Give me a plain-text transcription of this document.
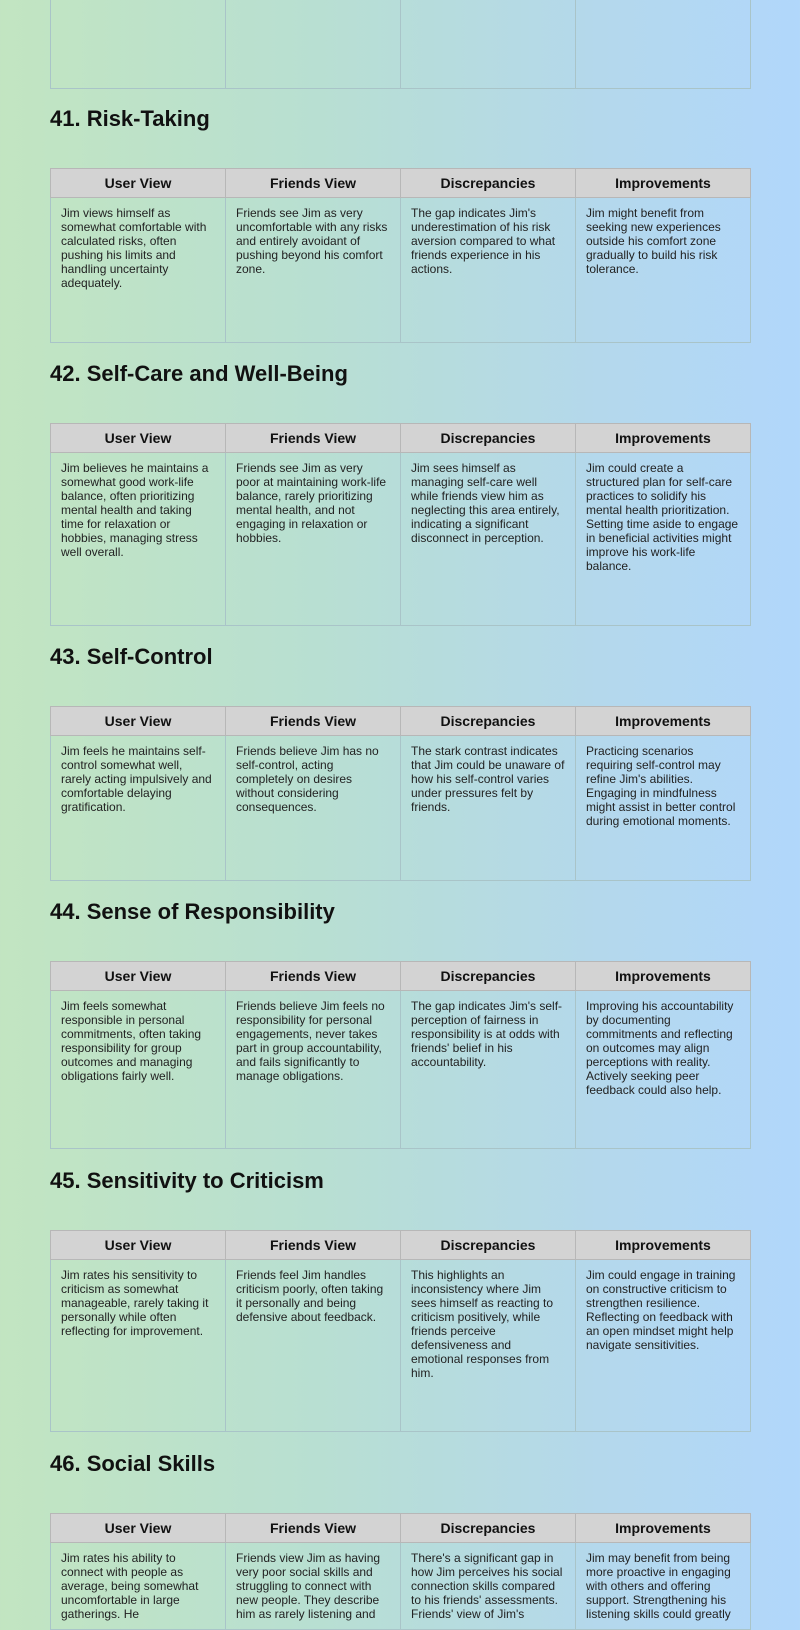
41. Risk-Taking
User View	Friends View	Discrepancies	Improvements
Jim views himself as somewhat comfortable with calculated risks, often pushing his limits and handling uncertainty adequately.	Friends see Jim as very uncomfortable with any risks and entirely avoidant of pushing beyond his comfort zone.	The gap indicates Jim's underestimation of his risk aversion compared to what friends experience in his actions.	Jim might benefit from seeking new experiences outside his comfort zone gradually to build his risk tolerance.
42. Self-Care and Well-Being
User View	Friends View	Discrepancies	Improvements
Jim believes he maintains a somewhat good work-life balance, often prioritizing mental health and taking time for relaxation or hobbies, managing stress well overall.	Friends see Jim as very poor at maintaining work-life balance, rarely prioritizing mental health, and not engaging in relaxation or hobbies.	Jim sees himself as managing self-care well while friends view him as neglecting this area entirely, indicating a significant disconnect in perception.	Jim could create a structured plan for self-care practices to solidify his mental health prioritization. Setting time aside to engage in beneficial activities might improve his work-life balance.
43. Self-Control
User View	Friends View	Discrepancies	Improvements
Jim feels he maintains self-control somewhat well, rarely acting impulsively and comfortable delaying gratification.	Friends believe Jim has no self-control, acting completely on desires without considering consequences.	The stark contrast indicates that Jim could be unaware of how his self-control varies under pressures felt by friends.	Practicing scenarios requiring self-control may refine Jim's abilities. Engaging in mindfulness might assist in better control during emotional moments.
44. Sense of Responsibility
User View	Friends View	Discrepancies	Improvements
Jim feels somewhat responsible in personal commitments, often taking responsibility for group outcomes and managing obligations fairly well.	Friends believe Jim feels no responsibility for personal engagements, never takes part in group accountability, and fails significantly to manage obligations.	The gap indicates Jim's self-perception of fairness in responsibility is at odds with friends' belief in his accountability.	Improving his accountability by documenting commitments and reflecting on outcomes may align perceptions with reality. Actively seeking peer feedback could also help.
45. Sensitivity to Criticism
User View	Friends View	Discrepancies	Improvements
Jim rates his sensitivity to criticism as somewhat manageable, rarely taking it personally while often reflecting for improvement.	Friends feel Jim handles criticism poorly, often taking it personally and being defensive about feedback.	This highlights an inconsistency where Jim sees himself as reacting to criticism positively, while friends perceive defensiveness and emotional responses from him.	Jim could engage in training on constructive criticism to strengthen resilience. Reflecting on feedback with an open mindset might help navigate sensitivities.
46. Social Skills
User View	Friends View	Discrepancies	Improvements
Jim rates his ability to connect with people as average, being somewhat uncomfortable in large gatherings. He	Friends view Jim as having very poor social skills and struggling to connect with new people. They describe him as rarely listening and	There's a significant gap in how Jim perceives his social connection skills compared to his friends' assessments. Friends' view of Jim's	Jim may benefit from being more proactive in engaging with others and offering support. Strengthening his listening skills could greatly
